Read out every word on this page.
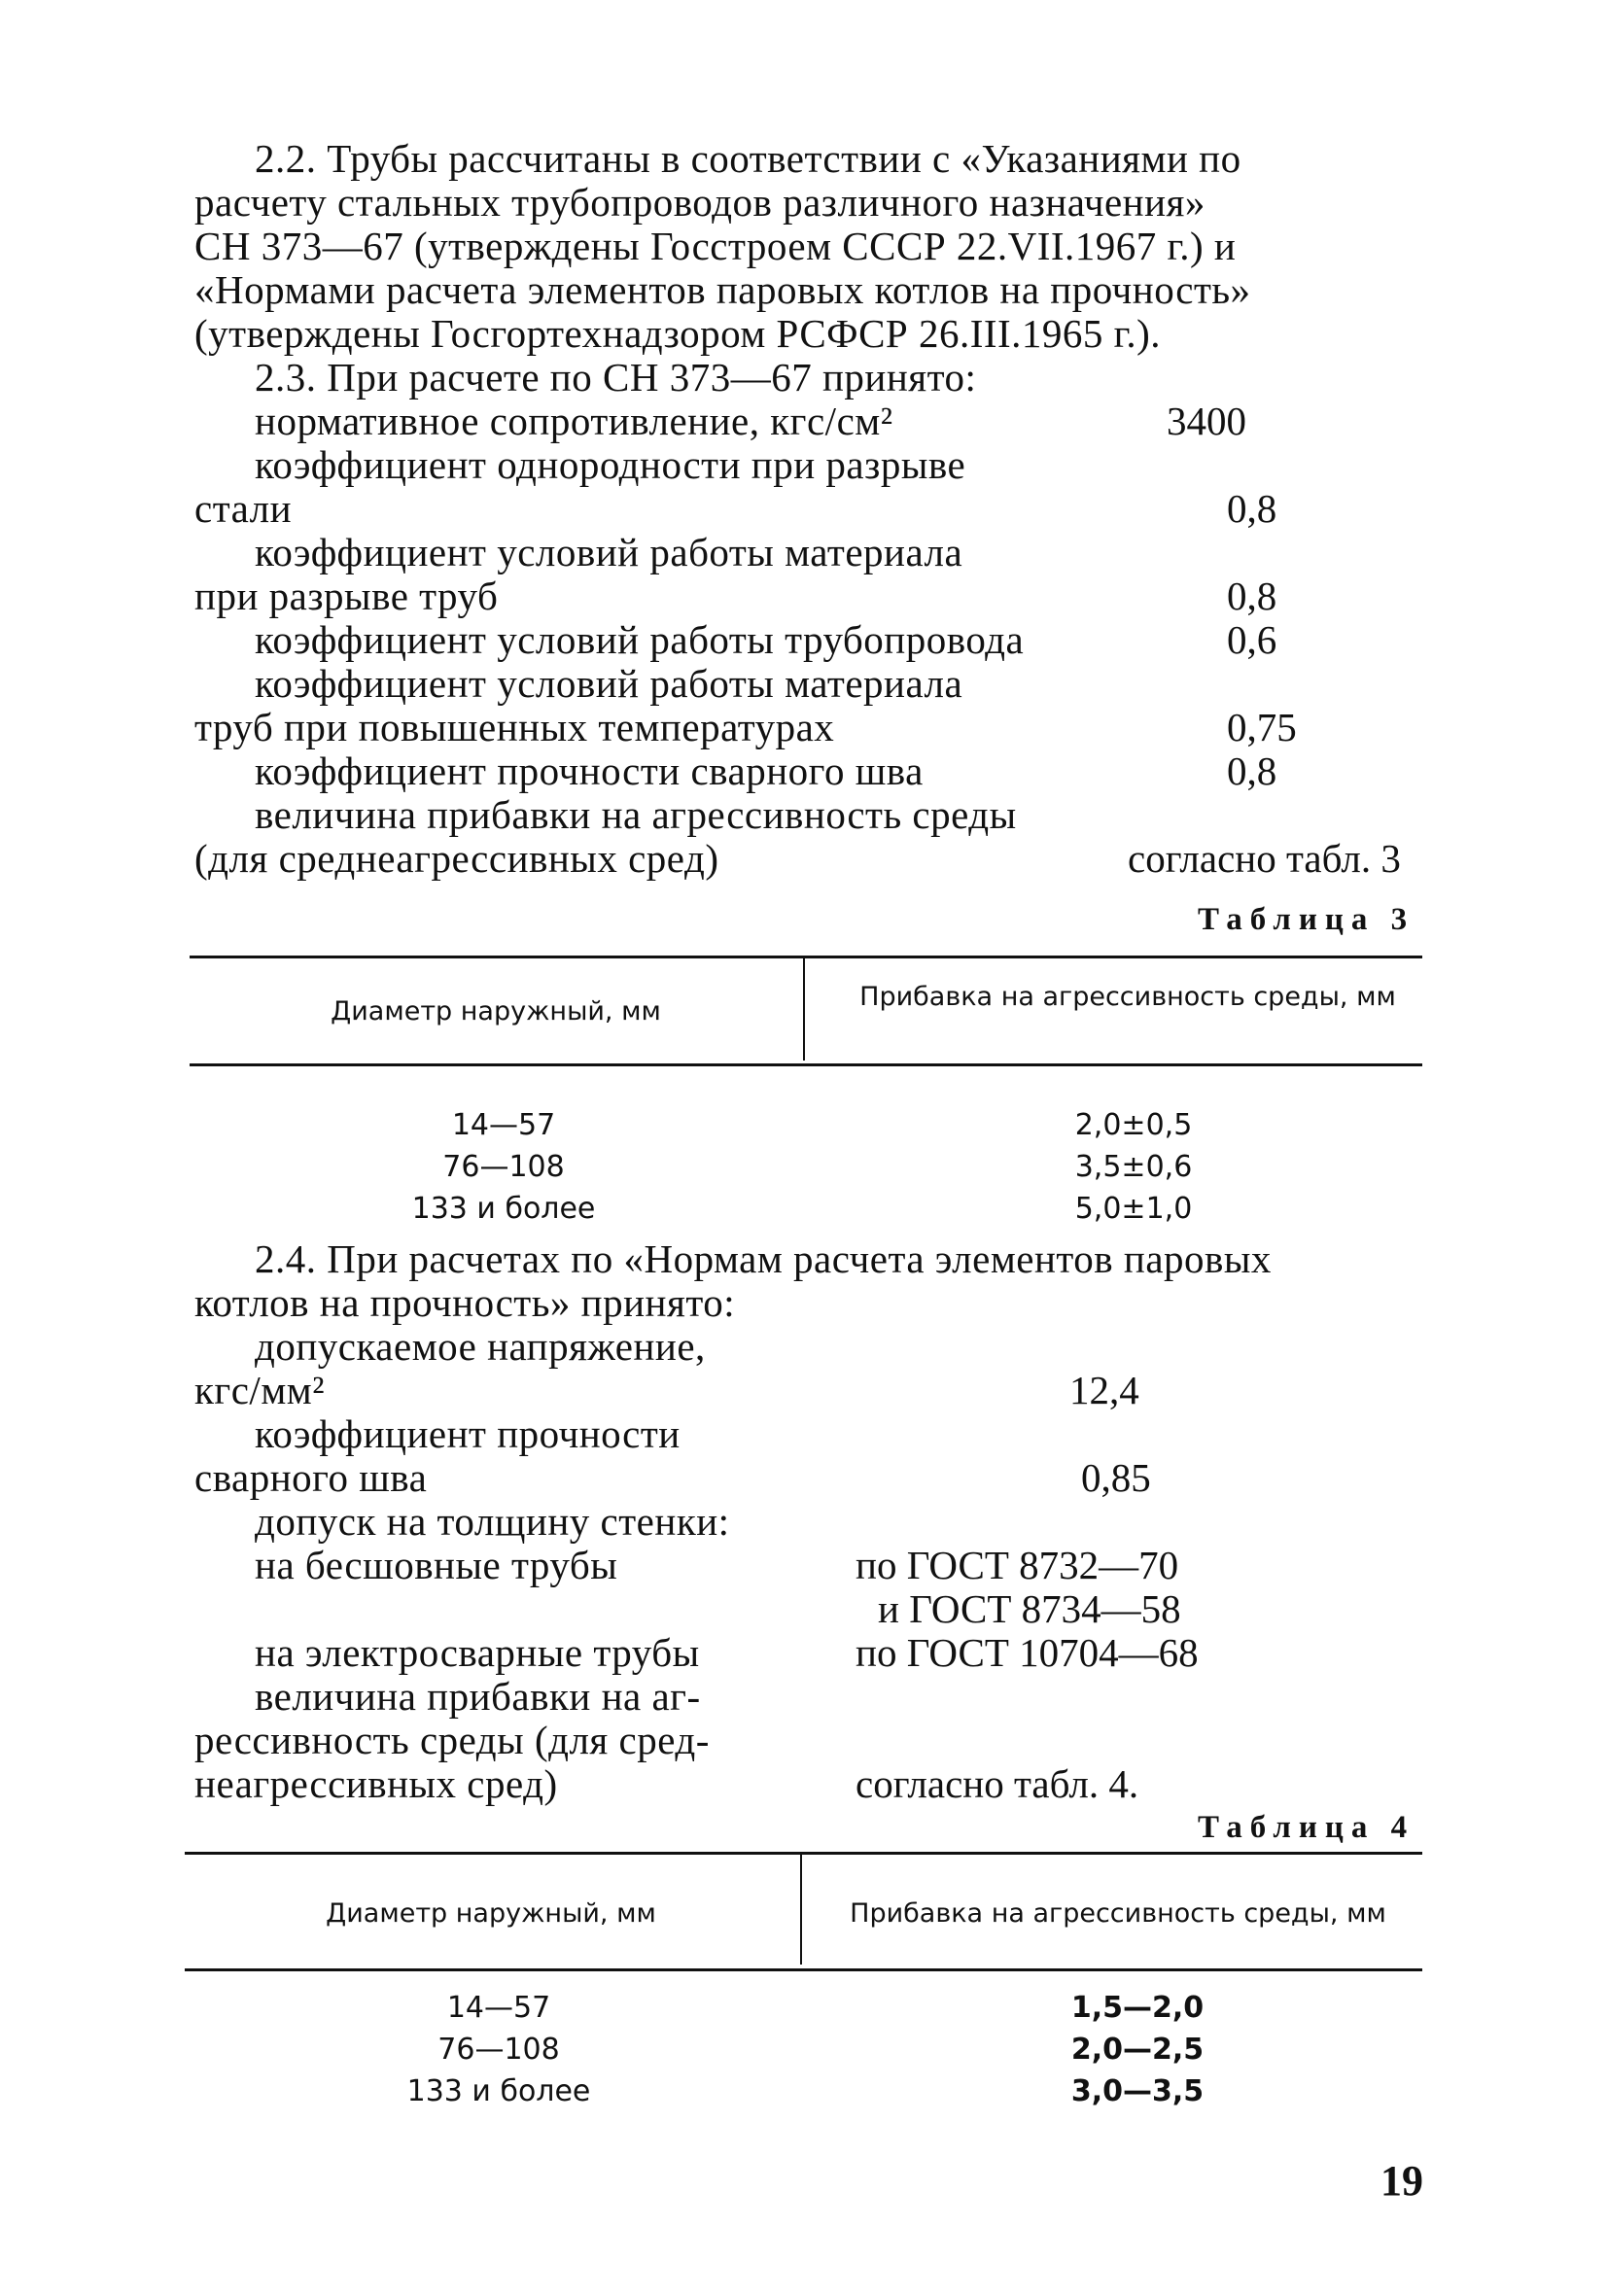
2.2. Трубы рассчитаны в соответствии с «Указаниями по
расчету стальных трубопроводов различного назначения»
СН 373—67 (утверждены Госстроем СССР 22.VII.1967 г.) и
«Нормами расчета элементов паровых котлов на прочность»
(утверждены Госгортехнадзором РСФСР 26.III.1965 г.).
2.3. При расчете по СН 373—67 принято:
нормативное сопротивление, кгс/см²	3400
коэффициент однородности при разрыве
стали	0,8
коэффициент условий работы материала
при разрыве труб	0,8
коэффициент условий работы трубопровода	0,6
коэффициент условий работы материала
труб при повышенных температурах	0,75
коэффициент прочности сварного шва	0,8
величина прибавки на агрессивность среды
(для среднеагрессивных сред)	согласно табл. 3
Таблица 3
Диаметр наружный, мм	Прибавка на агрессивность среды, мм
14—57	2,0±0,5
76—108	3,5±0,6
133 и более	5,0±1,0
2.4. При расчетах по «Нормам расчета элементов паровых
котлов на прочность» принято:
допускаемое напряжение,
кгс/мм²	12,4
коэффициент прочности
сварного шва	0,85
допуск на толщину стенки:
на бесшовные трубы	по ГОСТ 8732—70
и ГОСТ 8734—58
на электросварные трубы	по ГОСТ 10704—68
величина прибавки на аг-
рессивность среды (для сред-
неагрессивных сред)	согласно табл. 4.
Таблица 4
Диаметр наружный, мм	Прибавка на агрессивность среды, мм
14—57	1,5—2,0
76—108	2,0—2,5
133 и более	3,0—3,5
19
